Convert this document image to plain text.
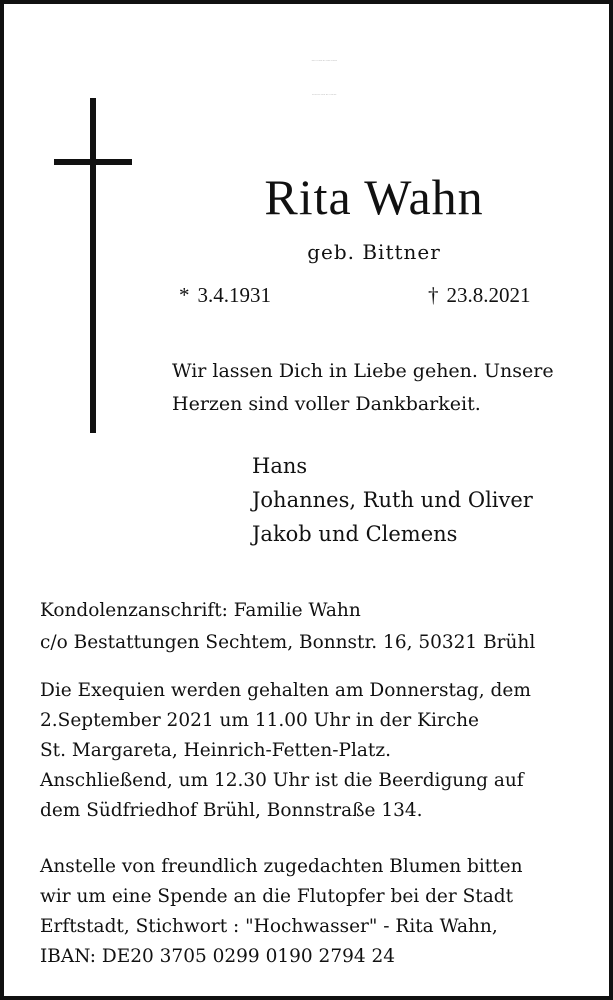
Wenn die Sonne des Lebens untergeht
leuchten die Sterne der Erinnerung.
Rita Wahn
geb. Bittner
* 3.4.1931	† 23.8.2021
Wir lassen Dich in Liebe gehen. Unsere
Herzen sind voller Dankbarkeit.
Hans
Johannes, Ruth und Oliver
Jakob und Clemens
Kondolenzanschrift: Familie Wahn
c/o Bestattungen Sechtem, Bonnstr. 16, 50321 Brühl
Die Exequien werden gehalten am Donnerstag, dem
2.September 2021 um 11.00 Uhr in der Kirche
St. Margareta, Heinrich-Fetten-Platz.
Anschließend, um 12.30 Uhr ist die Beerdigung auf
dem Südfriedhof Brühl, Bonnstraße 134.
Anstelle von freundlich zugedachten Blumen bitten
wir um eine Spende an die Flutopfer bei der Stadt
Erftstadt, Stichwort : "Hochwasser" - Rita Wahn,
IBAN: DE20 3705 0299 0190 2794 24
